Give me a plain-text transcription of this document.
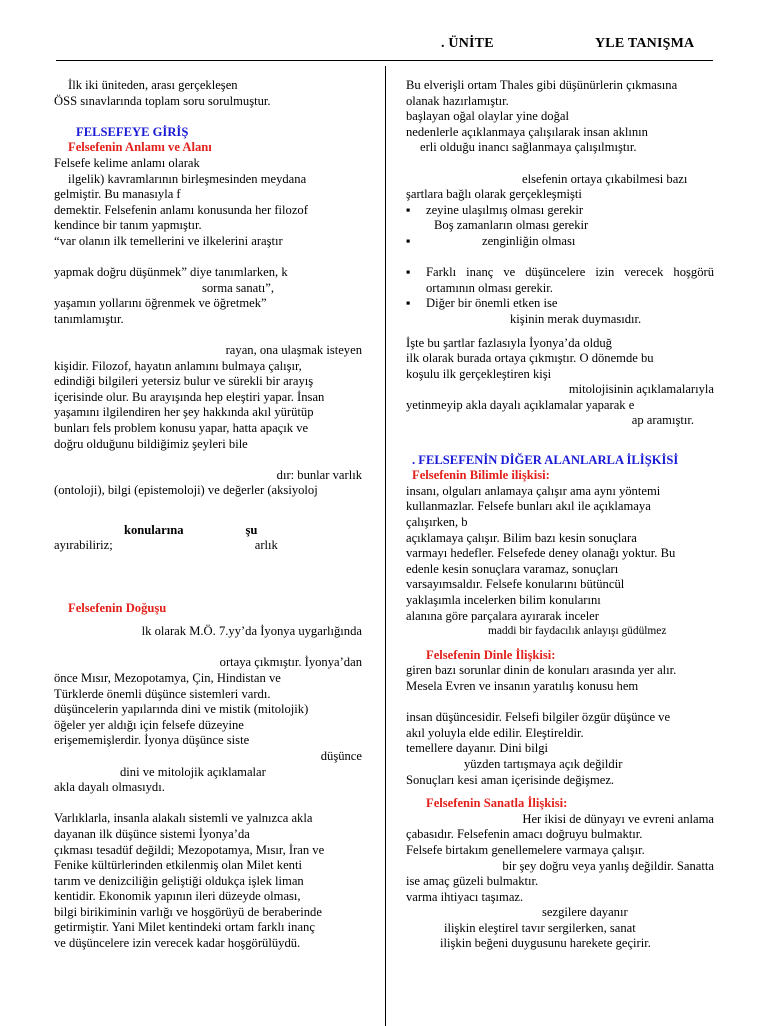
. ÜNİTE	YLE TANIŞMA

İlk iki üniteden, arası gerçekleşen

ÖSS sınavlarında toplam soru sorulmuştur.

FELSEFEYE GİRİŞ

Felsefenin Anlamı ve Alanı

Felsefe kelime anlamı olarak

ilgelik) kavramlarının birleşmesinden meydana

gelmiştir. Bu manasıyla f

demektir. Felsefenin anlamı konusunda her filozof

kendince bir tanım yapmıştır.

“var olanın ilk temellerini ve ilkelerini araştır

yapmak doğru düşünmek” diye tanımlarken, k

sorma sanatı”,

yaşamın yollarını öğrenmek ve öğretmek”

tanımlamıştır.

rayan, ona ulaşmak isteyen

kişidir. Filozof, hayatın anlamını bulmaya çalışır,

edindiği bilgileri yetersiz bulur ve sürekli bir arayış

içerisinde olur. Bu arayışında hep eleştiri yapar. İnsan

yaşamını ilgilendiren her şey hakkında akıl yürütüp

bunları fels problem konusu yapar, hatta apaçık ve

doğru olduğunu bildiğimiz şeyleri bile

dır: bunlar varlık

(ontoloji), bilgi (epistemoloji) ve değerler (aksiyoloj

konularına	şu

ayırabiliriz;	arlık

Felsefenin Doğuşu

lk olarak M.Ö. 7.yy’da İyonya uygarlığında

ortaya çıkmıştır. İyonya’dan

önce Mısır, Mezopotamya, Çin, Hindistan ve

Türklerde önemli düşünce sistemleri vardı.

düşüncelerin yapılarında dini ve mistik (mitolojik)

öğeler yer aldığı için felsefe düzeyine

erişememişlerdir. İyonya düşünce siste

düşünce

dini ve mitolojik açıklamalar

akla dayalı olmasıydı.

Varlıklarla, insanla alakalı sistemli ve yalnızca akla

dayanan ilk düşünce sistemi İyonya’da

çıkması tesadüf değildi; Mezopotamya, Mısır, İran ve

Fenike kültürlerinden etkilenmiş olan Milet kenti

tarım ve denizciliğin geliştiği oldukça işlek liman

kentidir. Ekonomik yapının ileri düzeyde olması,

bilgi birikiminin varlığı ve hoşgörüyü de beraberinde

getirmiştir. Yani Milet kentindeki ortam farklı inanç

ve düşüncelere izin verecek kadar hoşgörülüydü.

Bu elverişli ortam Thales gibi düşünürlerin çıkmasına

olanak hazırlamıştır.

başlayan oğal olaylar yine doğal

nedenlerle açıklanmaya çalışılarak insan aklının

erli olduğu inancı sağlanmaya çalışılmıştır.

elsefenin ortaya çıkabilmesi bazı

şartlara bağlı olarak gerçekleşmişti

▪	zeyine ulaşılmış olması gerekir

Boş zamanların olması gerekir

▪	zenginliğin olması
▪	Farklı inanç ve düşüncelere izin verecek hoşgörü ortamının olması gerekir.
▪	Diğer bir önemli etken ise

kişinin merak duymasıdır.

İşte bu şartlar fazlasıyla İyonya’da olduğ

ilk olarak burada ortaya çıkmıştır. O dönemde bu

koşulu ilk gerçekleştiren kişi

mitolojisinin açıklamalarıyla

yetinmeyip akla dayalı açıklamalar yaparak e

ap aramıştır.

. FELSEFENİN DİĞER ALANLARLA İLİŞKİSİ

Felsefenin Bilimle ilişkisi:

insanı, olguları anlamaya çalışır ama aynı yöntemi

kullanmazlar. Felsefe bunları akıl ile açıklamaya

çalışırken, b

açıklamaya çalışır. Bilim bazı kesin sonuçlara

varmayı hedefler. Felsefede deney olanağı yoktur. Bu

edenle kesin sonuçlara varamaz, sonuçları

varsayımsaldır. Felsefe konularını bütüncül

yaklaşımla incelerken bilim konularını

alanına göre parçalara ayırarak inceler

maddi bir faydacılık anlayışı güdülmez

Felsefenin Dinle İlişkisi:

giren bazı sorunlar dinin de konuları arasında yer alır.

Mesela Evren ve insanın yaratılış konusu hem

insan düşüncesidir. Felsefi bilgiler özgür düşünce ve

akıl yoluyla elde edilir. Eleştireldir.

temellere dayanır. Dini bilgi

yüzden tartışmaya açık değildir

Sonuçları kesi aman içerisinde değişmez.

Felsefenin Sanatla İlişkisi:

Her ikisi de dünyayı ve evreni anlama

çabasıdır. Felsefenin amacı doğruyu bulmaktır.

Felsefe birtakım genellemelere varmaya çalışır.

bir şey doğru veya yanlış değildir. Sanatta

ise amaç güzeli bulmaktır.

varma ihtiyacı taşımaz.

sezgilere dayanır

ilişkin eleştirel tavır sergilerken, sanat

ilişkin beğeni duygusunu harekete geçirir.
